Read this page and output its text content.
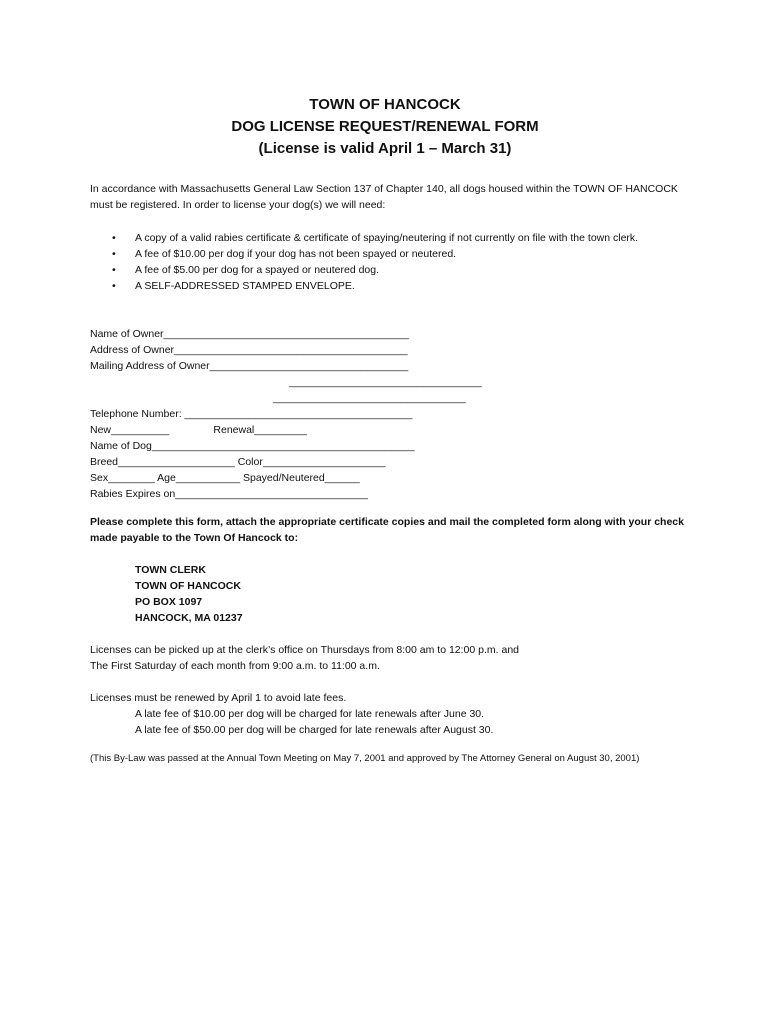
TOWN OF HANCOCK
DOG LICENSE REQUEST/RENEWAL FORM
(License is valid April 1 – March 31)

In accordance with Massachusetts General Law Section 137 of Chapter 140, all dogs housed within the TOWN OF HANCOCK must be registered. In order to license your dog(s) we will need:

• A copy of a valid rabies certificate & certificate of spaying/neutering if not currently on file with the town clerk.
• A fee of $10.00 per dog if your dog has not been spayed or neutered.
• A fee of $5.00 per dog for a spayed or neutered dog.
• A SELF-ADDRESSED STAMPED ENVELOPE.

Name of Owner__________________________________________

Address of Owner________________________________________

Mailing Address of Owner__________________________________

_________________________________

_________________________________

Telephone Number: _______________________________________

New__________	Renewal_________

Name of Dog_____________________________________________

Breed____________________ Color_____________________

Sex________ Age___________ Spayed/Neutered______

Rabies Expires on_________________________________

Please complete this form, attach the appropriate certificate copies and mail the completed form along with your check made payable to the Town Of Hancock to:

TOWN CLERK
TOWN OF HANCOCK
PO BOX 1097
HANCOCK, MA 01237
Licenses can be picked up at the clerk’s office on Thursdays from 8:00 am to 12:00 p.m. and
The First Saturday of each month from 9:00 a.m. to 11:00 a.m.
Licenses must be renewed by April 1 to avoid late fees.
A late fee of $10.00 per dog will be charged for late renewals after June 30.
A late fee of $50.00 per dog will be charged for late renewals after August 30.

(This By-Law was passed at the Annual Town Meeting on May 7, 2001 and approved by The Attorney General on August 30, 2001)
